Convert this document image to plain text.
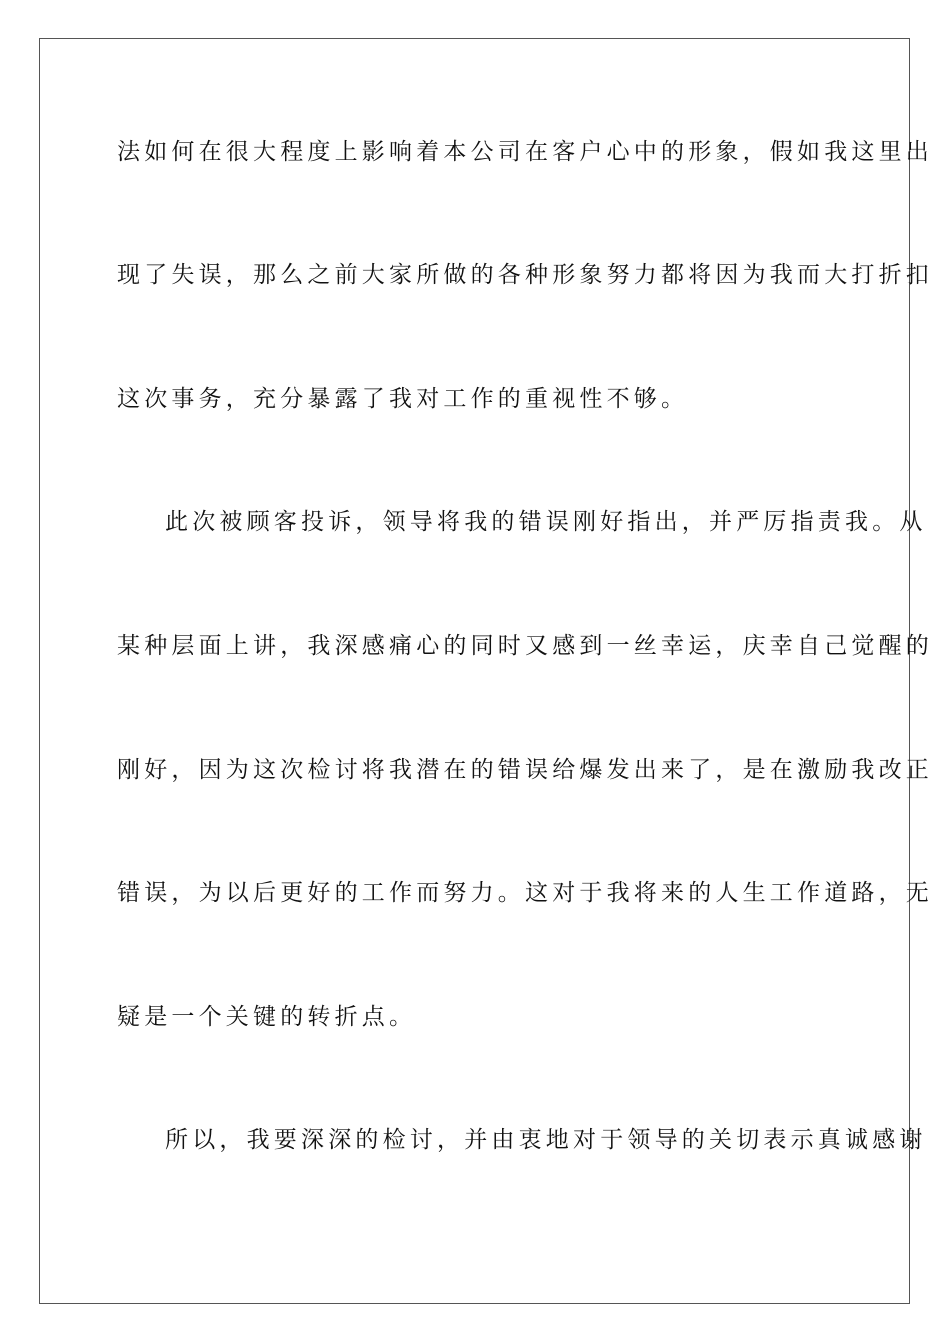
法如何在很大程度上影响着本公司在客户心中的形象，假如我这里出
现了失误，那么之前大家所做的各种形象努力都将因为我而大打折扣
这次事务，充分暴露了我对工作的重视性不够。
此次被顾客投诉，领导将我的错误刚好指出，并严厉指责我。从
某种层面上讲，我深感痛心的同时又感到一丝幸运，庆幸自己觉醒的
刚好，因为这次检讨将我潜在的错误给爆发出来了，是在激励我改正
错误，为以后更好的工作而努力。这对于我将来的人生工作道路，无
疑是一个关键的转折点。
所以，我要深深的检讨，并由衷地对于领导的关切表示真诚感谢
